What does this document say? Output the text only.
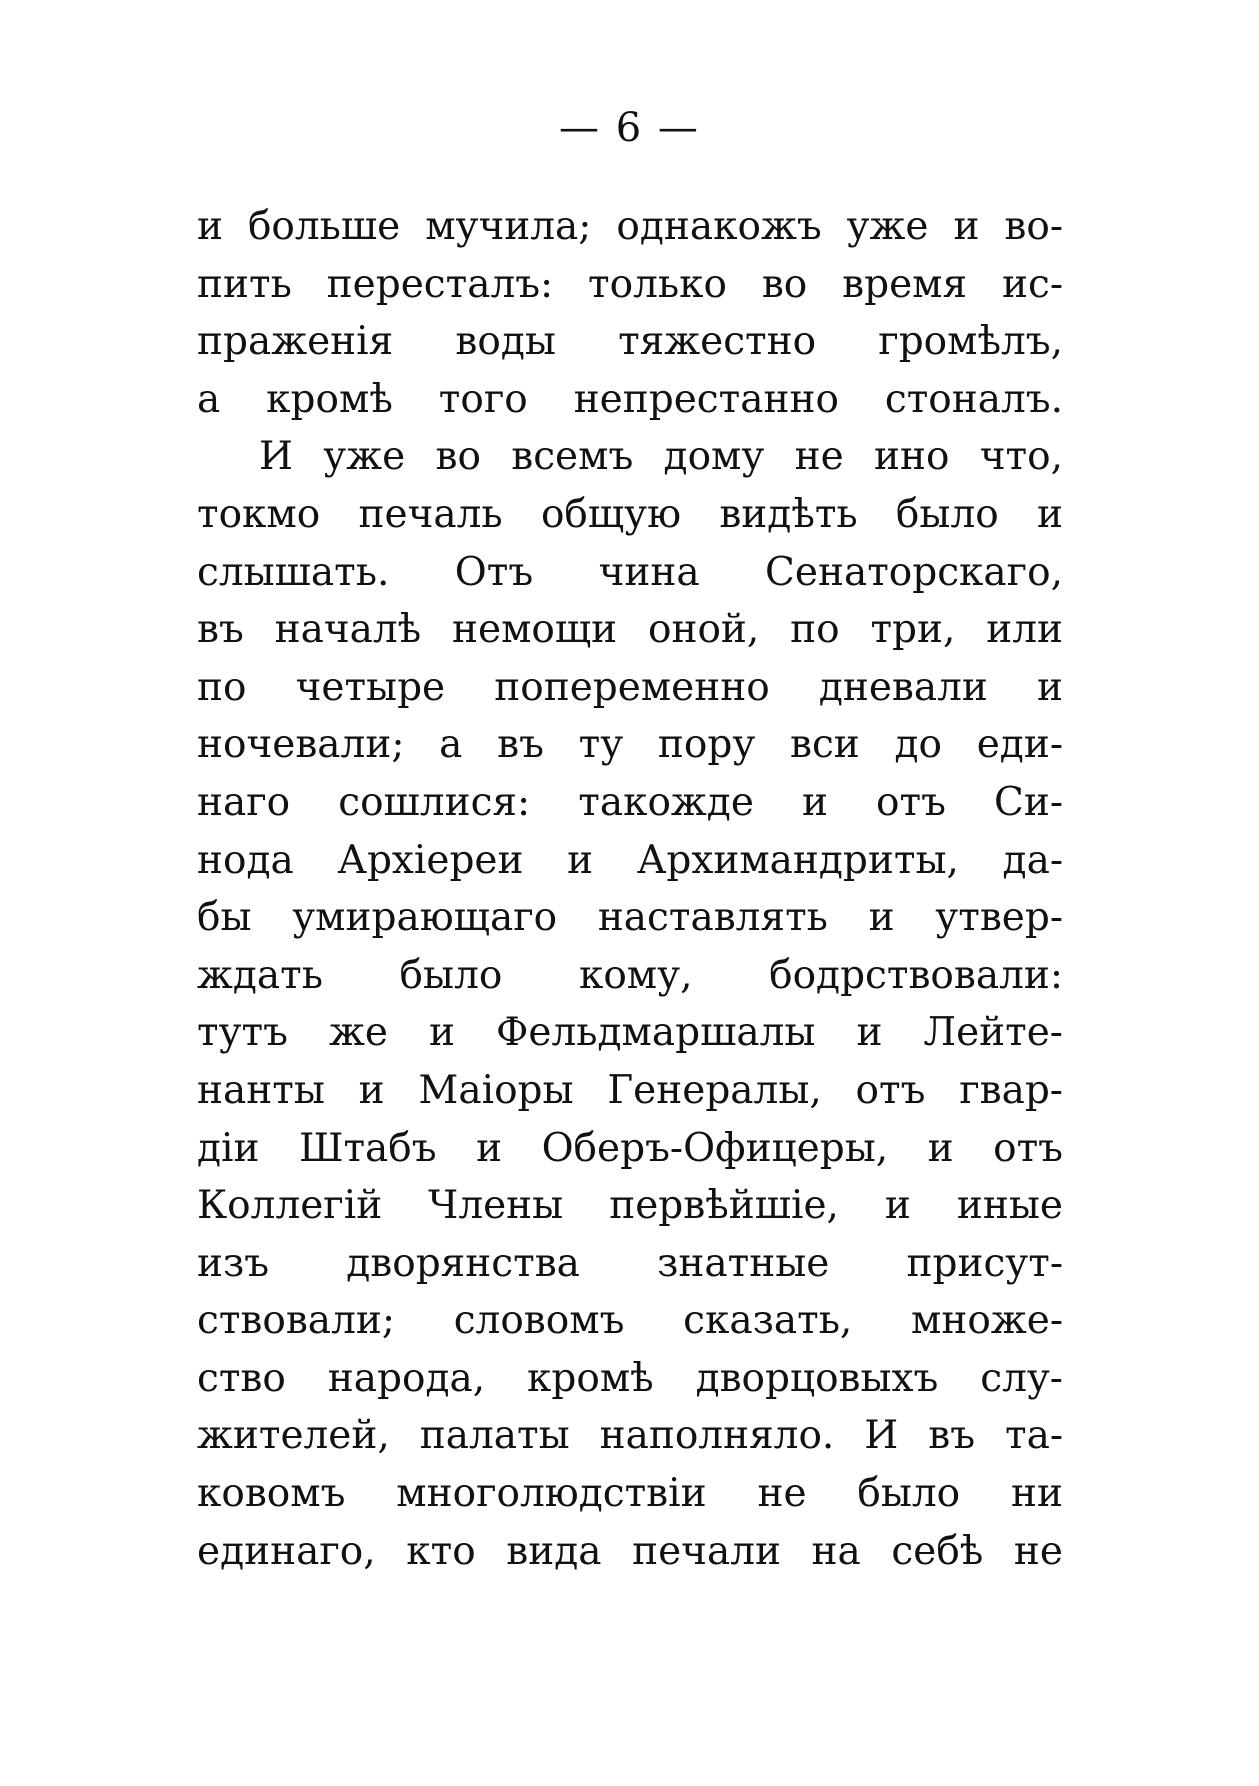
— 6 —
и больше мучила; однакожъ уже и во-
пить пересталъ: только во время ис-
праженія воды тяжестно громѣлъ,
а кромѣ того непрестанно стоналъ.
И уже во всемъ дому не ино что,
токмо печаль общую видѣть было и
слышать. Отъ чина Сенаторскаго,
въ началѣ немощи оной, по три, или
по четыре попеременно дневали и
ночевали; а въ ту пору вси до еди-
наго сошлися: такожде и отъ Си-
нода Архіереи и Архимандриты, да-
бы умирающаго наставлять и утвер-
ждать было кому, бодрствовали:
тутъ же и Фельдмаршалы и Лейте-
нанты и Маіоры Генералы, отъ гвар-
діи Штабъ и Оберъ-Офицеры, и отъ
Коллегій Члены первѣйшіе, и иные
изъ дворянства знатные присут-
ствовали; словомъ сказать, множе-
ство народа, кромѣ дворцовыхъ слу-
жителей, палаты наполняло. И въ та-
ковомъ многолюдствіи не было ни
единаго, кто вида печали на себѣ не
